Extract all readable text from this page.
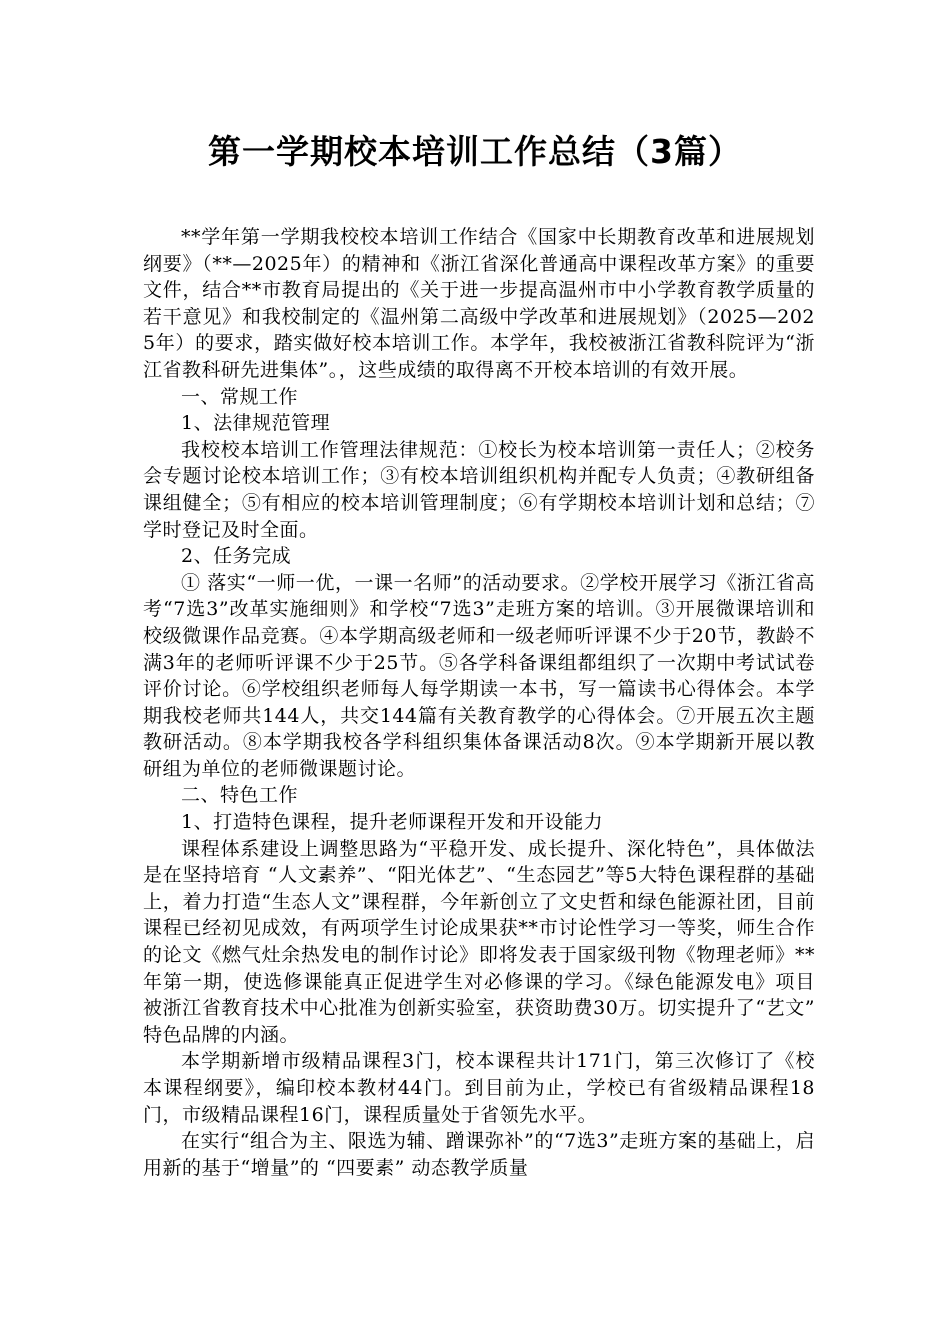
第一学期校本培训工作总结（3篇）

**学年第一学期我校校本培训工作结合《国家中长期教育改革和进展规划纲要》（**—2025年）的精神和《浙江省深化普通高中课程改革方案》的重要文件，结合**市教育局提出的《关于进一步提高温州市中小学教育教学质量的若干意见》和我校制定的《温州第二高级中学改革和进展规划》（2025—2025年）的要求，踏实做好校本培训工作。本学年，我校被浙江省教科院评为“浙江省教科研先进集体”。，这些成绩的取得离不开校本培训的有效开展。

一、常规工作

1、法律规范管理

我校校本培训工作管理法律规范：①校长为校本培训第一责任人；②校务会专题讨论校本培训工作；③有校本培训组织机构并配专人负责；④教研组备课组健全；⑤有相应的校本培训管理制度；⑥有学期校本培训计划和总结；⑦学时登记及时全面。

2、任务完成

① 落实“一师一优，一课一名师”的活动要求。②学校开展学习《浙江省高考“7选3”改革实施细则》和学校“7选3”走班方案的培训。③开展微课培训和校级微课作品竞赛。④本学期高级老师和一级老师听评课不少于20节，教龄不满3年的老师听评课不少于25节。⑤各学科备课组都组织了一次期中考试试卷评价讨论。⑥学校组织老师每人每学期读一本书，写一篇读书心得体会。本学期我校老师共144人，共交144篇有关教育教学的心得体会。⑦开展五次主题教研活动。⑧本学期我校各学科组织集体备课活动8次。⑨本学期新开展以教研组为单位的老师微课题讨论。

二、特色工作

1、打造特色课程，提升老师课程开发和开设能力

课程体系建设上调整思路为“平稳开发、成长提升、深化特色”，具体做法是在坚持培育 “人文素养”、“阳光体艺”、“生态园艺”等5大特色课程群的基础上，着力打造“生态人文”课程群，今年新创立了文史哲和绿色能源社团，目前课程已经初见成效，有两项学生讨论成果获**市讨论性学习一等奖，师生合作的论文《燃气灶余热发电的制作讨论》即将发表于国家级刊物《物理老师》**年第一期，使选修课能真正促进学生对必修课的学习。《绿色能源发电》项目被浙江省教育技术中心批准为创新实验室，获资助费30万。切实提升了“艺文” 特色品牌的内涵。

本学期新增市级精品课程3门，校本课程共计171门，第三次修订了《校本课程纲要》，编印校本教材44门。到目前为止，学校已有省级精品课程18门，市级精品课程16门，课程质量处于省领先水平。

在实行“组合为主、限选为辅、蹭课弥补”的“7选3”走班方案的基础上，启用新的基于“增量”的 “四要素” 动态教学质量
